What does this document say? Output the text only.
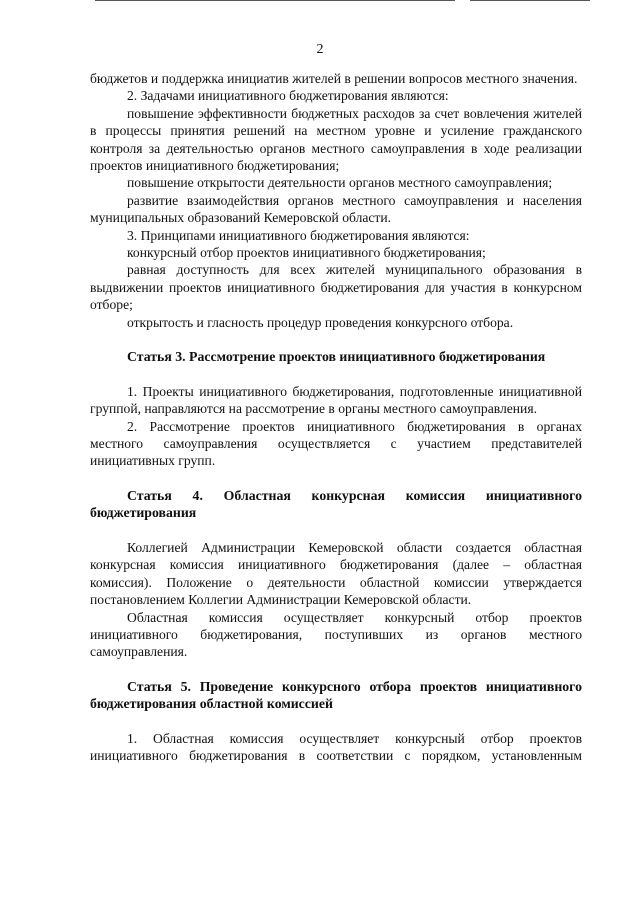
2

бюджетов и поддержка инициатив жителей в решении вопросов местного значения.

2. Задачами инициативного бюджетирования являются:

повышение эффективности бюджетных расходов за счет вовлечения жителей в процессы принятия решений на местном уровне и усиление гражданского контроля за деятельностью органов местного самоуправления в ходе реализации проектов инициативного бюджетирования;

повышение открытости деятельности органов местного самоуправления;

развитие взаимодействия органов местного самоуправления и населения муниципальных образований Кемеровской области.

3. Принципами инициативного бюджетирования являются:

конкурсный отбор проектов инициативного бюджетирования;

равная доступность для всех жителей муниципального образования в выдвижении проектов инициативного бюджетирования для участия в конкурсном отборе;

открытость и гласность процедур проведения конкурсного отбора.

Статья 3. Рассмотрение проектов инициативного бюджетирования

1. Проекты инициативного бюджетирования, подготовленные инициативной группой, направляются на рассмотрение в органы местного самоуправления.

2. Рассмотрение проектов инициативного бюджетирования в органах местного самоуправления осуществляется с участием представителей инициативных групп.

Статья 4. Областная конкурсная комиссия инициативного бюджетирования

Коллегией Администрации Кемеровской области создается областная конкурсная комиссия инициативного бюджетирования (далее – областная комиссия). Положение о деятельности областной комиссии утверждается постановлением Коллегии Администрации Кемеровской области.

Областная комиссия осуществляет конкурсный отбор проектов инициативного бюджетирования, поступивших из органов местного самоуправления.

Статья 5. Проведение конкурсного отбора проектов инициативного бюджетирования областной комиссией

1. Областная комиссия осуществляет конкурсный отбор проектов инициативного бюджетирования в соответствии с порядком, установленным
